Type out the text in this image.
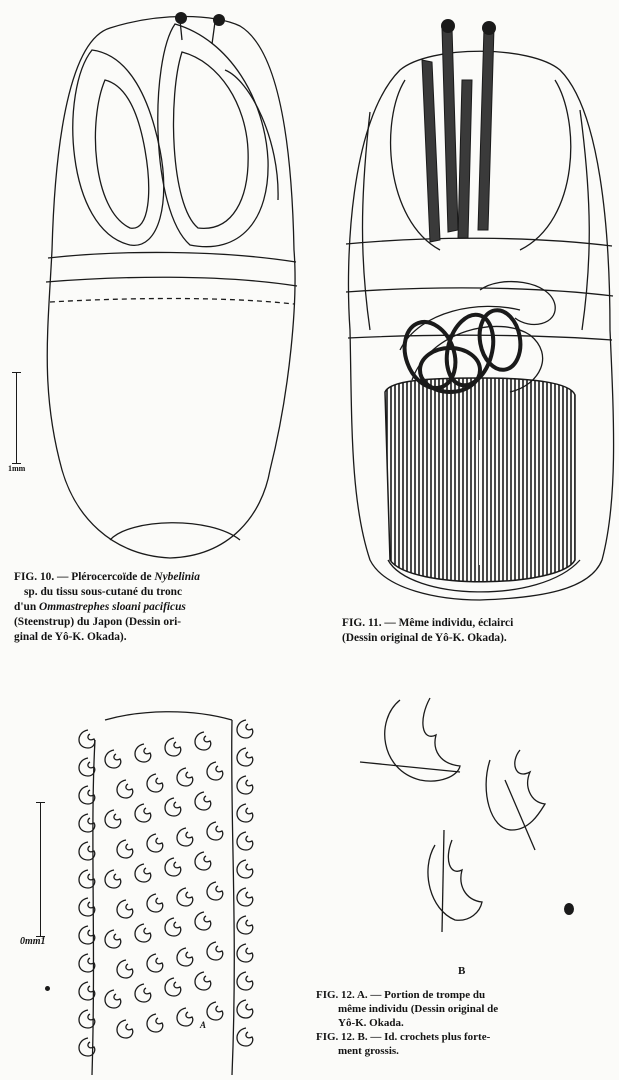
1mm

FIG. 10. — Plérocercoïde de Nybelinia
sp. du tissu sous-cutané du tronc
d'un Ommastrephes sloani pacificus
(Steenstrup) du Japon (Dessin ori-
ginal de Yô-K. Okada).

FIG. 11. — Même individu, éclairci
(Dessin original de Yô-K. Okada).

0mm1
A
B

FIG. 12. A. — Portion de trompe du
même individu (Dessin original de
Yô-K. Okada.
FIG. 12. B. — Id. crochets plus forte-
ment grossis.
